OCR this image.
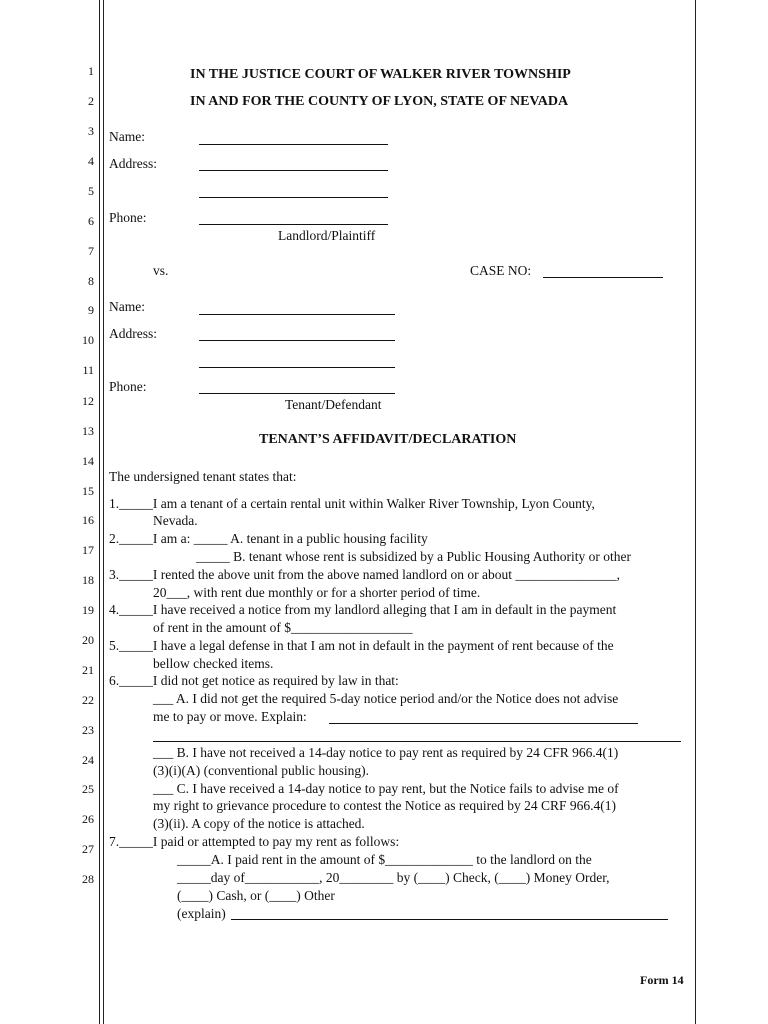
1
2
3
4
5
6
7
8
9
10
11
12
13
14
15
16
17
18
19
20
21
22
23
24
25
26
27
28
IN THE JUSTICE COURT OF WALKER RIVER TOWNSHIP
IN AND FOR THE COUNTY OF LYON, STATE OF NEVADA
Name:
Address:
Phone:
Landlord/Plaintiff
vs.	CASE NO:
Name:
Address:
Phone:
Tenant/Defendant
TENANT’S AFFIDAVIT/DECLARATION
The undersigned tenant states that:
1._____I am a tenant of a certain rental unit within Walker River Township, Lyon County,
Nevada.
2._____I am a: _____ A. tenant in a public housing facility
_____ B. tenant whose rent is subsidized by a Public Housing Authority or other
3._____I rented the above unit from the above named landlord on or about _______________,
20___, with rent due monthly or for a shorter period of time.
4._____I have received a notice from my landlord alleging that I am in default in the payment
of rent in the amount of $__________________
5._____I have a legal defense in that I am not in default in the payment of rent because of the
bellow checked items.
6._____I did not get notice as required by law in that:
___ A. I did not get the required 5-day notice period and/or the Notice does not advise
me to pay or move. Explain:
___ B. I have not received a 14-day notice to pay rent as required by 24 CFR 966.4(1)
(3)(i)(A) (conventional public housing).
___ C. I have received a 14-day notice to pay rent, but the Notice fails to advise me of
my right to grievance procedure to contest the Notice as required by 24 CRF 966.4(1)
(3)(ii). A copy of the notice is attached.
7._____I paid or attempted to pay my rent as follows:
_____A. I paid rent in the amount of $_____________ to the landlord on the
_____day of___________, 20________ by (____) Check, (____) Money Order,
(____) Cash, or (____) Other
(explain)
Form 14
